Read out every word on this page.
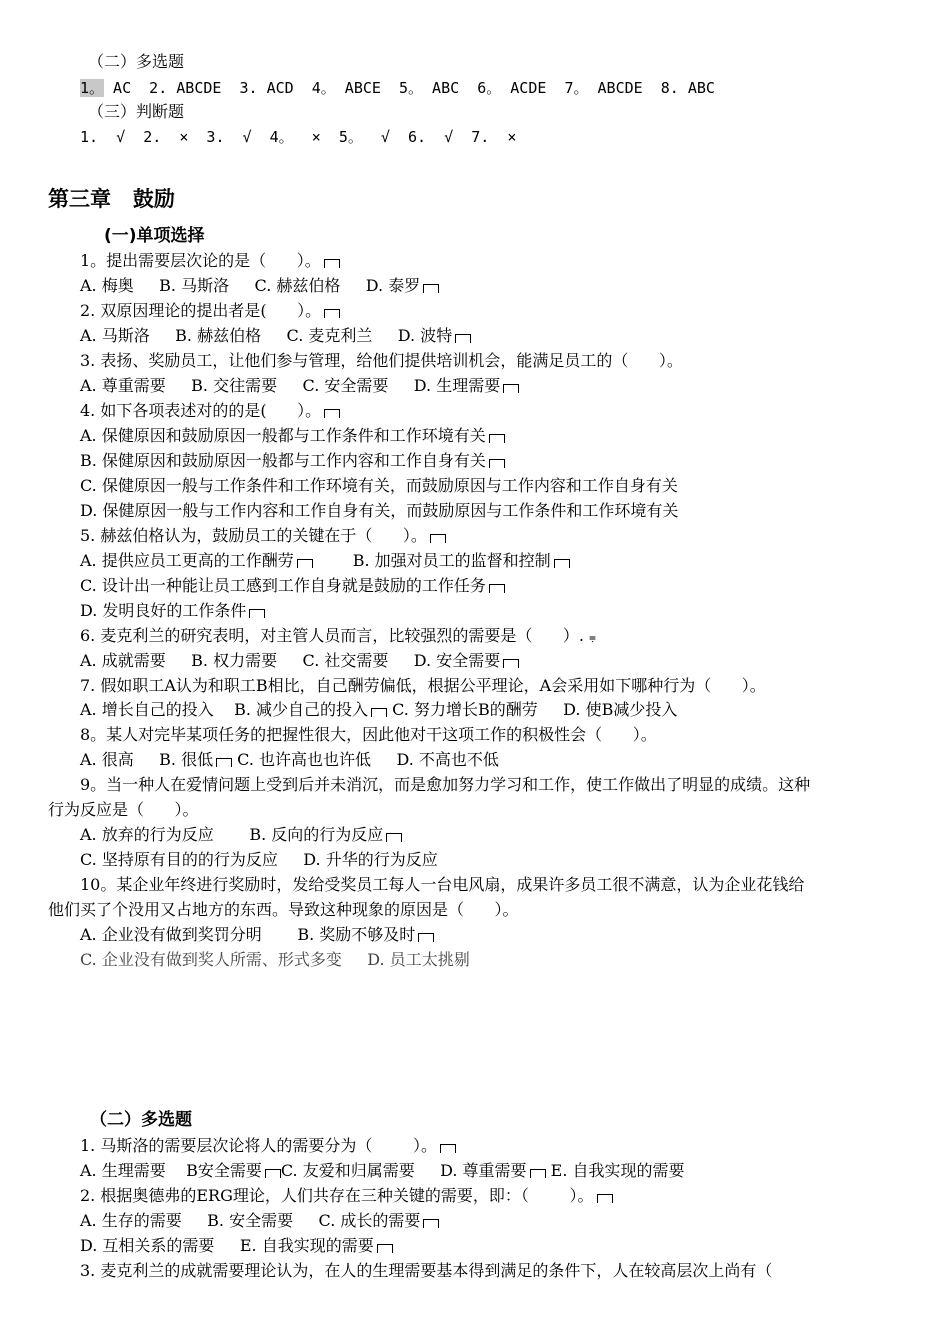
（二）多选题
1。 AC  2. ABCDE  3. ACD  4。 ABCE  5。 ABC  6。 ACDE  7。 ABCDE  8. ABC
（三）判断题
1.  √  2.  ×  3.  √  4。  ×  5。  √  6.  √  7.  ×
第三章   鼓励
(一)单项选择
1。提出需要层次论的是（      ）。
A. 梅奥     B. 马斯洛     C. 赫兹伯格     D. 泰罗
2. 双原因理论的提出者是(      ）。
A. 马斯洛     B. 赫兹伯格     C. 麦克利兰     D. 波特
3. 表扬、奖励员工，让他们参与管理，给他们提供培训机会，能满足员工的（      ）。
A. 尊重需要     B. 交往需要     C. 安全需要     D. 生理需要
4. 如下各项表述对的的是(      ）。
A. 保健原因和鼓励原因一般都与工作条件和工作环境有关
B. 保健原因和鼓励原因一般都与工作内容和工作自身有关
C. 保健原因一般与工作条件和工作环境有关，而鼓励原因与工作内容和工作自身有关
D. 保健原因一般与工作内容和工作自身有关，而鼓励原因与工作条件和工作环境有关
5. 赫兹伯格认为，鼓励员工的关键在于（      ）。
A. 提供应员工更高的工作酬劳	B. 加强对员工的监督和控制
C. 设计出一种能让员工感到工作自身就是鼓励的工作任务
D. 发明良好的工作条件
6. 麦克利兰的研究表明，对主管人员而言，比较强烈的需要是（      ）. ⩦
A. 成就需要     B. 权力需要     C. 社交需要     D. 安全需要
7. 假如职工A认为和职工B相比，自己酬劳偏低，根据公平理论，A会采用如下哪种行为（      ）。
A. 增长自己的投入    B. 减少自己的投入 C. 努力增长B的酬劳     D. 使B减少投入
8。某人对完毕某项任务的把握性很大，因此他对干这项工作的积极性会（      ）。
A. 很高     B. 很低 C. 也许高也也许低     D. 不高也不低
9。当一种人在爱情问题上受到后并未消沉，而是愈加努力学习和工作，使工作做出了明显的成绩。这种
行为反应是（      ）。
A. 放弃的行为反应       B. 反向的行为反应
C. 坚持原有目的的行为反应     D. 升华的行为反应
10。某企业年终进行奖励时，发给受奖员工每人一台电风扇，成果许多员工很不满意，认为企业花钱给
他们买了个没用又占地方的东西。导致这种现象的原因是（      ）。
A. 企业没有做到奖罚分明       B. 奖励不够及时
C. 企业没有做到奖人所需、形式多变     D. 员工太挑剔
（二）多选题
1. 马斯洛的需要层次论将人的需要分为（        ）。
A. 生理需要    B安全需要 C. 友爱和归属需要     D. 尊重需要 E. 自我实现的需要
2. 根据奥德弗的ERG理论，人们共存在三种关键的需要，即：（        ）。
A. 生存的需要     B. 安全需要     C. 成长的需要
D. 互相关系的需要     E. 自我实现的需要
3. 麦克利兰的成就需要理论认为，在人的生理需要基本得到满足的条件下，人在较高层次上尚有（
